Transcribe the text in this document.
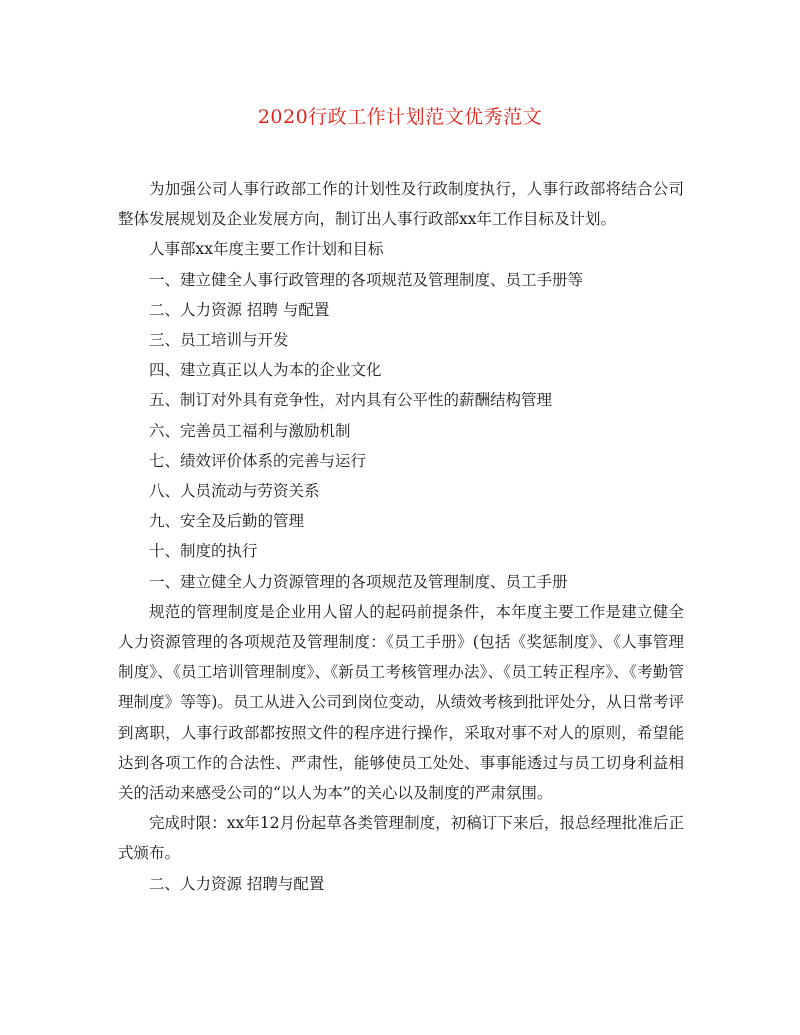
2020行政工作计划范文优秀范文

为加强公司人事行政部工作的计划性及行政制度执行，人事行政部将结合公司整体发展规划及企业发展方向，制订出人事行政部xx年工作目标及计划。

人事部xx年度主要工作计划和目标

一、建立健全人事行政管理的各项规范及管理制度、员工手册等

二、人力资源 招聘 与配置

三、员工培训与开发

四、建立真正以人为本的企业文化

五、制订对外具有竞争性，对内具有公平性的薪酬结构管理

六、完善员工福利与激励机制

七、绩效评价体系的完善与运行

八、人员流动与劳资关系

九、安全及后勤的管理

十、制度的执行

一、建立健全人力资源管理的各项规范及管理制度、员工手册

规范的管理制度是企业用人留人的起码前提条件，本年度主要工作是建立健全人力资源管理的各项规范及管理制度：《员工手册》(包括《奖惩制度》、《人事管理制度》、《员工培训管理制度》、《新员工考核管理办法》、《员工转正程序》、《考勤管理制度》等等)。员工从进入公司到岗位变动，从绩效考核到批评处分，从日常考评到离职，人事行政部都按照文件的程序进行操作，采取对事不对人的原则，希望能达到各项工作的合法性、严肃性，能够使员工处处、事事能透过与员工切身利益相关的活动来感受公司的“以人为本”的关心以及制度的严肃氛围。

完成时限：xx年12月份起草各类管理制度，初稿订下来后，报总经理批准后正式颁布。

二、人力资源 招聘与配置
